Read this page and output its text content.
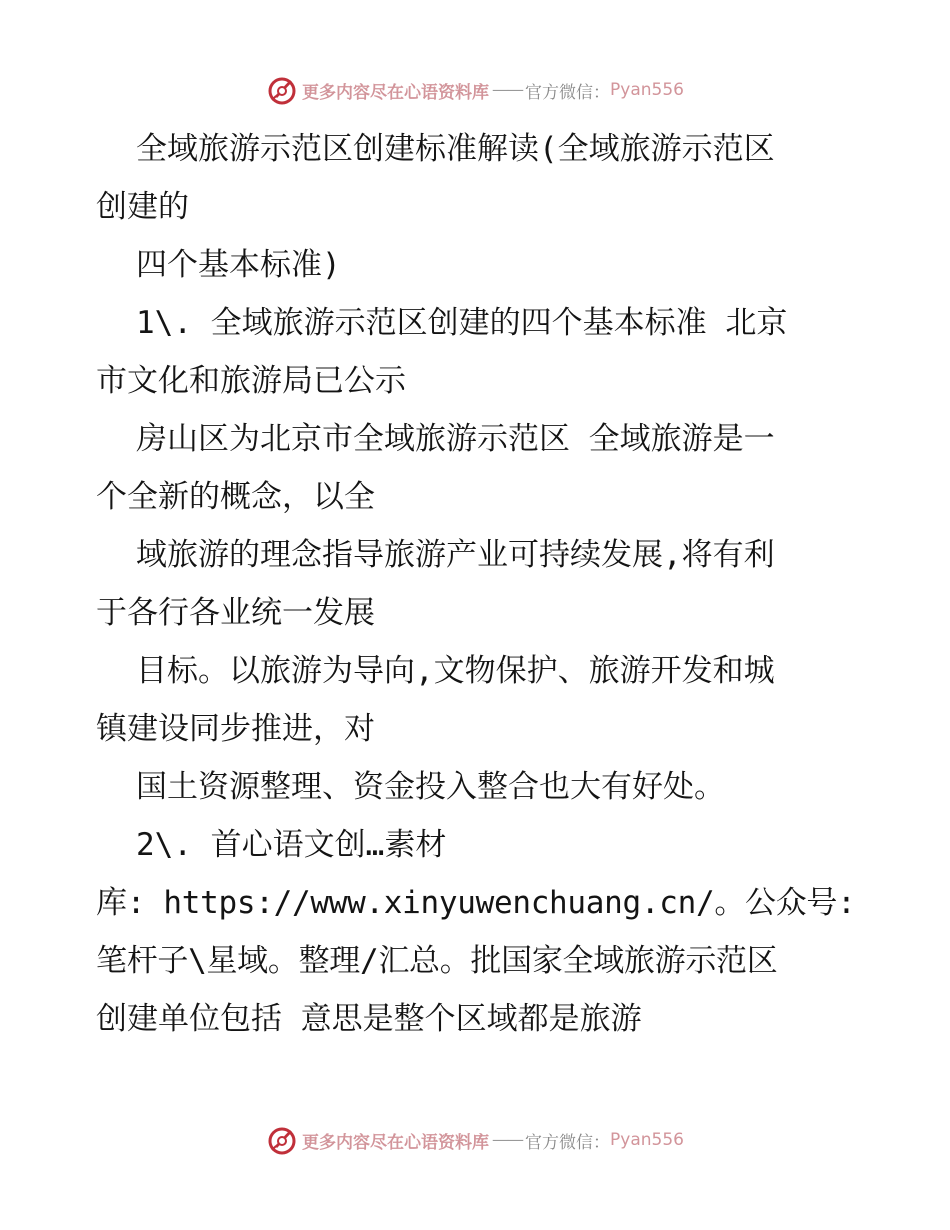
更多内容尽在心语资料库 —— 官方微信： Pyan556
全域旅游示范区创建标准解读(全域旅游示范区
创建的
四个基本标准)
1\. 全域旅游示范区创建的四个基本标准 北京
市文化和旅游局已公示
房山区为北京市全域旅游示范区 全域旅游是一
个全新的概念，以全
域旅游的理念指导旅游产业可持续发展,将有利
于各行各业统一发展
目标。以旅游为导向,文物保护、旅游开发和城
镇建设同步推进，对
国土资源整理、资金投入整合也大有好处。
2\. 首心语文创…素材
库: https://www.xinyuwenchuang.cn/。公众号:
笔杆子\星域。整理/汇总。批国家全域旅游示范区
创建单位包括 意思是整个区域都是旅游
更多内容尽在心语资料库 —— 官方微信： Pyan556
